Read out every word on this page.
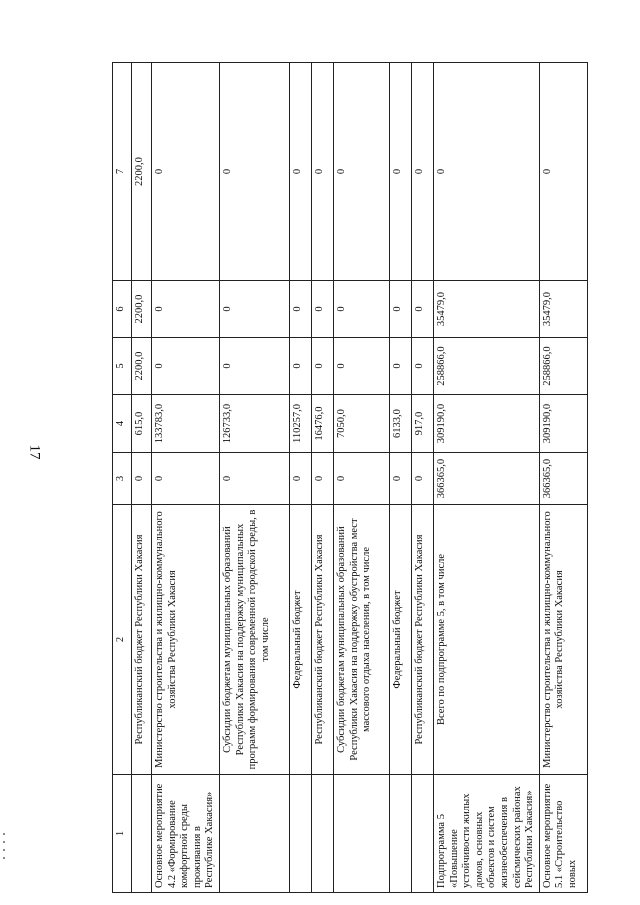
17
1	2	3	4	5	6	7
	Республиканский бюджет Республики Хакасия	0	615,0	2200,0	2200,0	2200,0
Основное мероприятие 4.2 «Формирование комфортной среды проживания в Республике Хакасия»	Министерство строительства и жилищно-коммунального хозяйства Республики Хакасия	0	133783,0	0	0	0
	Субсидии бюджетам муниципальных образований Республики Хакасия на поддержку муниципальных программ формирования современной городской среды, в том числе	0	126733,0	0	0	0
	Федеральный бюджет	0	110257,0	0	0	0
	Республиканский бюджет Республики Хакасия	0	16476,0	0	0	0
	Субсидии бюджетам муниципальных образований Республики Хакасия на поддержку обустройства мест массового отдыха населения, в том числе	0	7050,0	0	0	0
	Федеральный бюджет	0	6133,0	0	0	0
	Республиканский бюджет Республики Хакасия	0	917,0	0	0	0
Подпрограмма 5 «Повышение устойчивости жилых домов, основных объектов и систем жизнеобеспечения в сейсмических районах Республики Хакасия»	Всего по подпрограмме 5, в том числе	366365,0	309190,0	258866,0	35479,0	0
Основное мероприятие 5.1 «Строительство новых	Министерство строительства и жилищно-коммунального хозяйства Республики Хакасия	366365,0	309190,0	258866,0	35479,0	0
